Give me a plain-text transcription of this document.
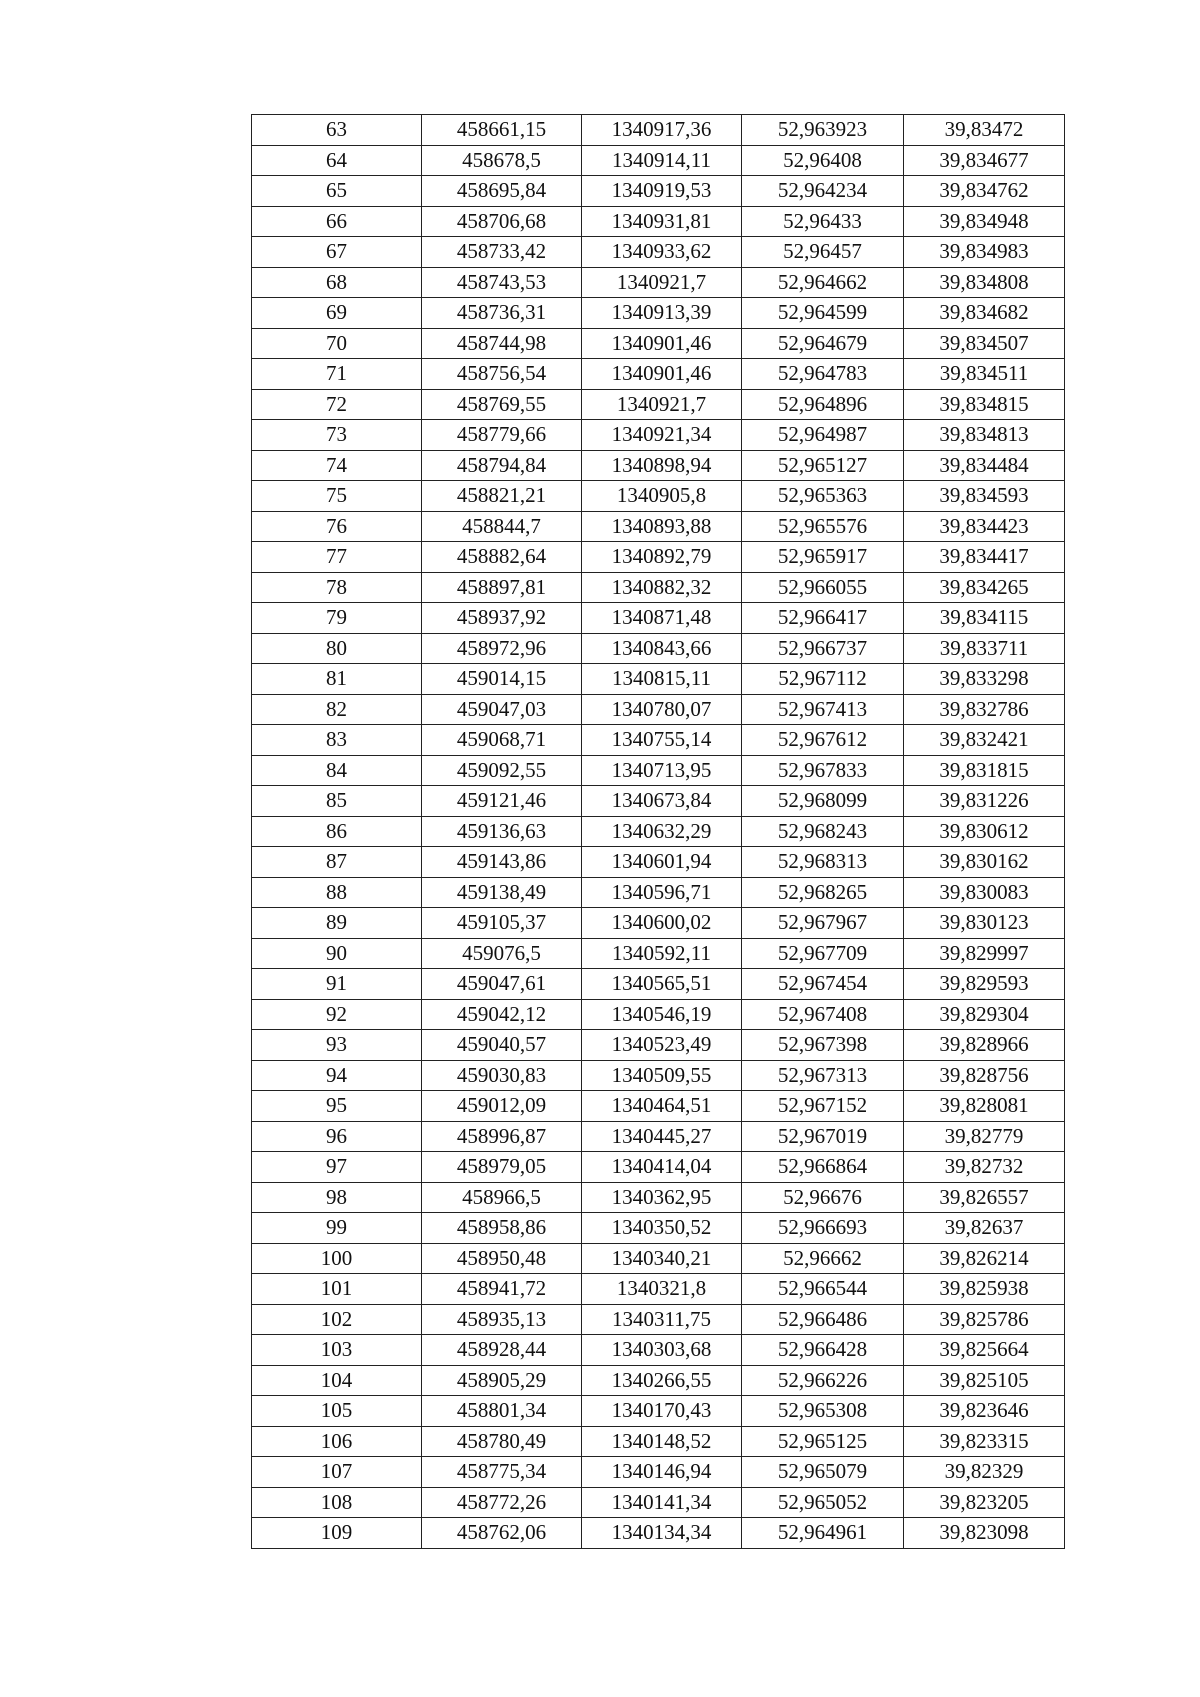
63	458661,15	1340917,36	52,963923	39,83472
64	458678,5	1340914,11	52,96408	39,834677
65	458695,84	1340919,53	52,964234	39,834762
66	458706,68	1340931,81	52,96433	39,834948
67	458733,42	1340933,62	52,96457	39,834983
68	458743,53	1340921,7	52,964662	39,834808
69	458736,31	1340913,39	52,964599	39,834682
70	458744,98	1340901,46	52,964679	39,834507
71	458756,54	1340901,46	52,964783	39,834511
72	458769,55	1340921,7	52,964896	39,834815
73	458779,66	1340921,34	52,964987	39,834813
74	458794,84	1340898,94	52,965127	39,834484
75	458821,21	1340905,8	52,965363	39,834593
76	458844,7	1340893,88	52,965576	39,834423
77	458882,64	1340892,79	52,965917	39,834417
78	458897,81	1340882,32	52,966055	39,834265
79	458937,92	1340871,48	52,966417	39,834115
80	458972,96	1340843,66	52,966737	39,833711
81	459014,15	1340815,11	52,967112	39,833298
82	459047,03	1340780,07	52,967413	39,832786
83	459068,71	1340755,14	52,967612	39,832421
84	459092,55	1340713,95	52,967833	39,831815
85	459121,46	1340673,84	52,968099	39,831226
86	459136,63	1340632,29	52,968243	39,830612
87	459143,86	1340601,94	52,968313	39,830162
88	459138,49	1340596,71	52,968265	39,830083
89	459105,37	1340600,02	52,967967	39,830123
90	459076,5	1340592,11	52,967709	39,829997
91	459047,61	1340565,51	52,967454	39,829593
92	459042,12	1340546,19	52,967408	39,829304
93	459040,57	1340523,49	52,967398	39,828966
94	459030,83	1340509,55	52,967313	39,828756
95	459012,09	1340464,51	52,967152	39,828081
96	458996,87	1340445,27	52,967019	39,82779
97	458979,05	1340414,04	52,966864	39,82732
98	458966,5	1340362,95	52,96676	39,826557
99	458958,86	1340350,52	52,966693	39,82637
100	458950,48	1340340,21	52,96662	39,826214
101	458941,72	1340321,8	52,966544	39,825938
102	458935,13	1340311,75	52,966486	39,825786
103	458928,44	1340303,68	52,966428	39,825664
104	458905,29	1340266,55	52,966226	39,825105
105	458801,34	1340170,43	52,965308	39,823646
106	458780,49	1340148,52	52,965125	39,823315
107	458775,34	1340146,94	52,965079	39,82329
108	458772,26	1340141,34	52,965052	39,823205
109	458762,06	1340134,34	52,964961	39,823098
